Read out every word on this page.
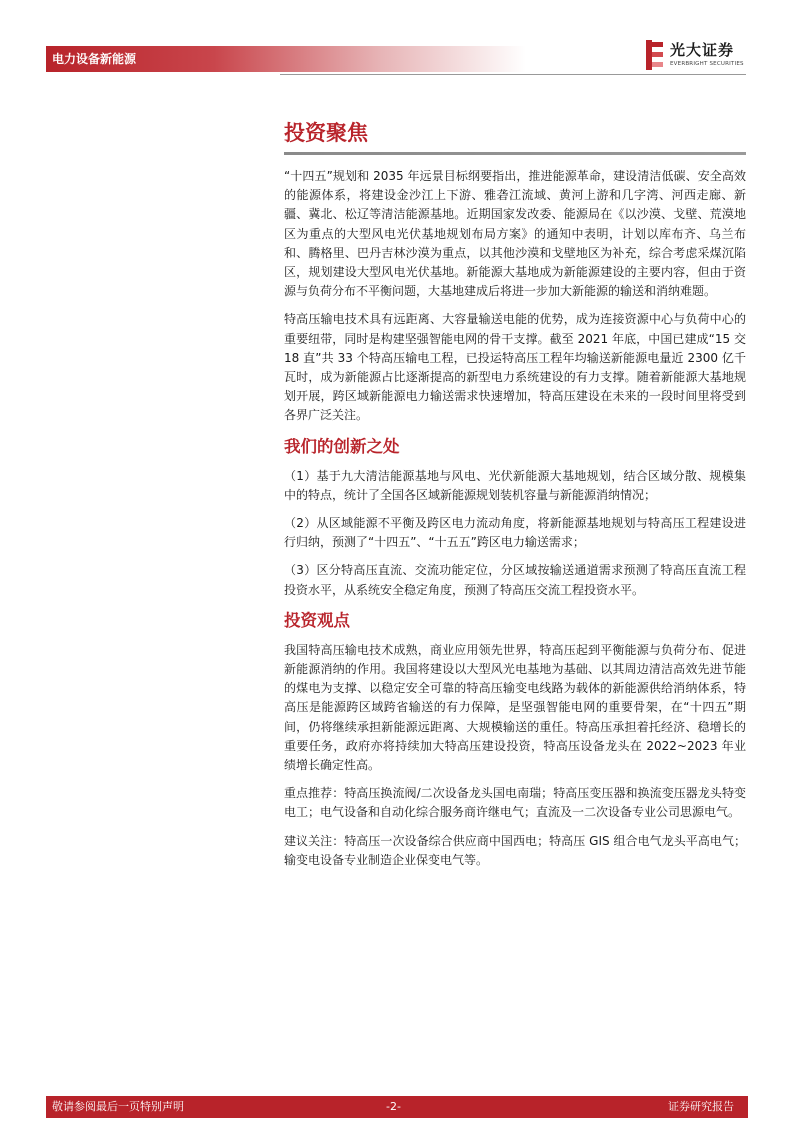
电力设备新能源	光大证券
EVERBRIGHT SECURITIES
投资聚焦

“十四五”规划和 2035 年远景目标纲要指出，推进能源革命，建设清洁低碳、安全高效的能源体系，将建设金沙江上下游、雅砻江流域、黄河上游和几字湾、河西走廊、新疆、冀北、松辽等清洁能源基地。近期国家发改委、能源局在《以沙漠、戈壁、荒漠地区为重点的大型风电光伏基地规划布局方案》的通知中表明，计划以库布齐、乌兰布和、腾格里、巴丹吉林沙漠为重点，以其他沙漠和戈壁地区为补充，综合考虑采煤沉陷区，规划建设大型风电光伏基地。新能源大基地成为新能源建设的主要内容，但由于资源与负荷分布不平衡问题，大基地建成后将进一步加大新能源的输送和消纳难题。

特高压输电技术具有远距离、大容量输送电能的优势，成为连接资源中心与负荷中心的重要纽带，同时是构建坚强智能电网的骨干支撑。截至 2021 年底，中国已建成“15 交 18 直”共 33 个特高压输电工程，已投运特高压工程年均输送新能源电量近 2300 亿千瓦时，成为新能源占比逐渐提高的新型电力系统建设的有力支撑。随着新能源大基地规划开展，跨区域新能源电力输送需求快速增加，特高压建设在未来的一段时间里将受到各界广泛关注。

我们的创新之处

（1）基于九大清洁能源基地与风电、光伏新能源大基地规划，结合区域分散、规模集中的特点，统计了全国各区域新能源规划装机容量与新能源消纳情况；

（2）从区域能源不平衡及跨区电力流动角度，将新能源基地规划与特高压工程建设进行归纳，预测了“十四五”、“十五五”跨区电力输送需求；

（3）区分特高压直流、交流功能定位，分区域按输送通道需求预测了特高压直流工程投资水平，从系统安全稳定角度，预测了特高压交流工程投资水平。

投资观点

我国特高压输电技术成熟，商业应用领先世界，特高压起到平衡能源与负荷分布、促进新能源消纳的作用。我国将建设以大型风光电基地为基础、以其周边清洁高效先进节能的煤电为支撑、以稳定安全可靠的特高压输变电线路为载体的新能源供给消纳体系，特高压是能源跨区域跨省输送的有力保障，是坚强智能电网的重要骨架，在“十四五”期间，仍将继续承担新能源远距离、大规模输送的重任。特高压承担着托经济、稳增长的重要任务，政府亦将持续加大特高压建设投资，特高压设备龙头在 2022~2023 年业绩增长确定性高。

重点推荐：特高压换流阀/二次设备龙头国电南瑞；特高压变压器和换流变压器龙头特变电工；电气设备和自动化综合服务商许继电气；直流及一二次设备专业公司思源电气。

建议关注：特高压一次设备综合供应商中国西电；特高压 GIS 组合电气龙头平高电气；输变电设备专业制造企业保变电气等。

敬请参阅最后一页特别声明	-2-	证券研究报告
